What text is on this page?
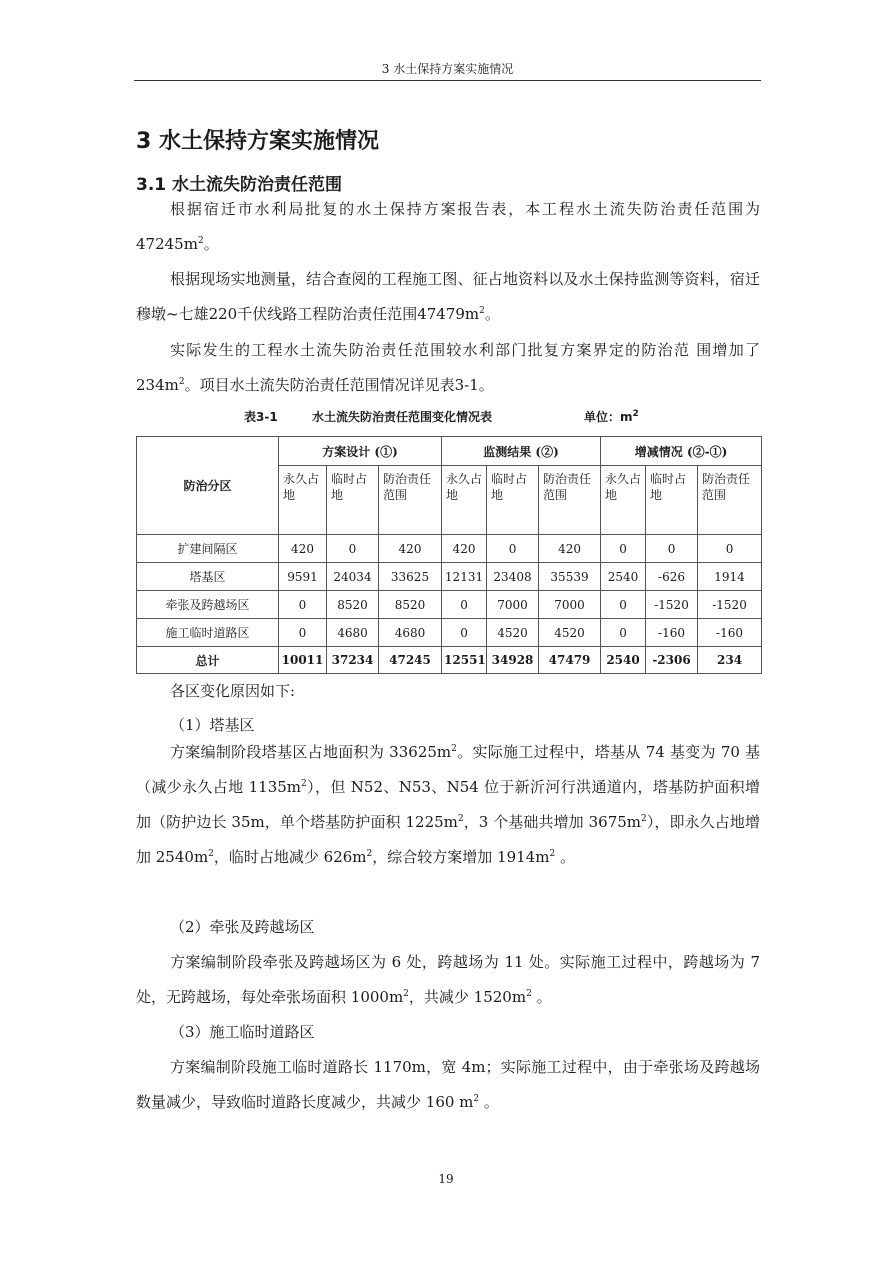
3 水土保持方案实施情况
3 水土保持方案实施情况
3.1 水土流失防治责任范围

根据宿迁市水利局批复的水土保持方案报告表，本工程水土流失防治责任范围为$47245m^2$。

根据现场实地测量，结合查阅的工程施工图、征占地资料以及水土保持监测等资料，宿迁穆墩~七雄220千伏线路工程防治责任范围$47479m^2$。

实际发生的工程水土流失防治责任范围较水利部门批复方案界定的防治范 围增加了$234m^2$。项目水土流失防治责任范围情况详见表3-1。

表3-1	水土流失防治责任范围变化情况表	单位：$m^2$
防治分区	方案设计 (①)			监测结果 (②)			增减情况 (②-①)		
	永久占地	临时占地	防治责任范围	永久占地	临时占地	防治责任范围	永久占地	临时占地	防治责任范围
扩建间隔区	420	0	420	420	0	420	0	0	0
塔基区	9591	24034	33625	12131	23408	35539	2540	-626	1914
牵张及跨越场区	0	8520	8520	0	7000	7000	0	-1520	-1520
施工临时道路区	0	4680	4680	0	4520	4520	0	-160	-160
总计	10011	37234	47245	12551	34928	47479	2540	-2306	234

各区变化原因如下:

（1）塔基区

方案编制阶段塔基区占地面积为 $33625m^2$。实际施工过程中，塔基从 74 基变为 70 基（减少永久占地 $1135m^2$），但 N52、N53、N54 位于新沂河行洪通道内，塔基防护面积增加（防护边长 35m，单个塔基防护面积 $1225m^2$，3 个基础共增加 $3675m^2$），即永久占地增加 $2540m^2$，临时占地减少 $626m^2$，综合较方案增加 $1914m^2$ 。

（2）牵张及跨越场区

方案编制阶段牵张及跨越场区为 6 处，跨越场为 11 处。实际施工过程中，跨越场为 7 处，无跨越场，每处牵张场面积 $1000m^2$，共减少 $1520m^2$ 。

（3）施工临时道路区

方案编制阶段施工临时道路长 1170m，宽 4m；实际施工过程中，由于牵张场及跨越场数量减少，导致临时道路长度减少，共减少 160 $m^2$ 。

19
